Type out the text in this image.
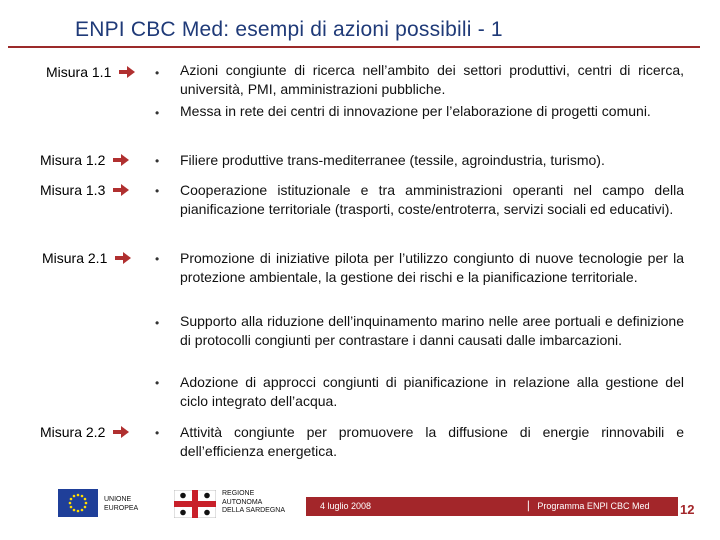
ENPI CBC Med: esempi di azioni possibili - 1
Misura 1.1
Misura 1.2
Misura 1.3
Misura 2.1
Misura 2.2
•
•
•
•
•
•
•
•
Azioni congiunte di ricerca nell’ambito dei settori produttivi, centri di ricerca, università, PMI, amministrazioni pubbliche.
Messa in rete dei centri di innovazione per l’elaborazione di progetti comuni.
Filiere produttive trans-mediterranee (tessile, agroindustria, turismo).
Cooperazione istituzionale e tra amministrazioni operanti nel campo della pianificazione territoriale (trasporti, coste/entroterra, servizi sociali ed educativi).
Promozione di iniziative pilota per l’utilizzo congiunto di nuove tecnologie per la protezione ambientale, la gestione dei rischi e la pianificazione territoriale.
Supporto alla riduzione dell’inquinamento marino nelle aree portuali e definizione di protocolli congiunti per contrastare i danni causati dalle imbarcazioni.
Adozione di approcci congiunti di pianificazione in relazione alla gestione del ciclo integrato dell’acqua.
Attività congiunte per promuovere la diffusione di energie rinnovabili e dell’efficienza energetica.
UNIONE
EUROPEA
REGIONE
AUTONOMA
DELLA SARDEGNA	4 luglio 2008	▏ Programma ENPI CBC Med 12
